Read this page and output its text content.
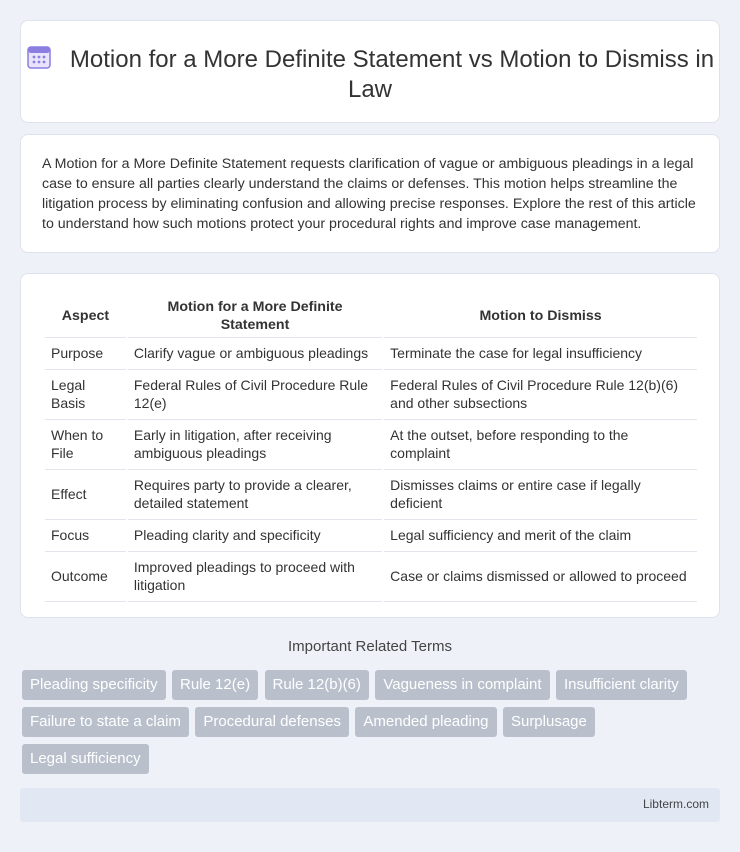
Motion for a More Definite Statement vs Motion to Dismiss in Law

A Motion for a More Definite Statement requests clarification of vague or ambiguous pleadings in a legal case to ensure all parties clearly understand the claims or defenses. This motion helps streamline the litigation process by eliminating confusion and allowing precise responses. Explore the rest of this article to understand how such motions protect your procedural rights and improve case management.

Aspect	Motion for a More Definite Statement	Motion to Dismiss
Purpose	Clarify vague or ambiguous pleadings	Terminate the case for legal insufficiency
Legal Basis	Federal Rules of Civil Procedure Rule 12(e)	Federal Rules of Civil Procedure Rule 12(b)(6) and other subsections
When to File	Early in litigation, after receiving ambiguous pleadings	At the outset, before responding to the complaint
Effect	Requires party to provide a clearer, detailed statement	Dismisses claims or entire case if legally deficient
Focus	Pleading clarity and specificity	Legal sufficiency and merit of the claim
Outcome	Improved pleadings to proceed with litigation	Case or claims dismissed or allowed to proceed
Important Related Terms
Pleading specificity Rule 12(e) Rule 12(b)(6) Vagueness in complaint Insufficient clarity Failure to state a claim Procedural defenses Amended pleading Surplusage Legal sufficiency
Libterm.com
